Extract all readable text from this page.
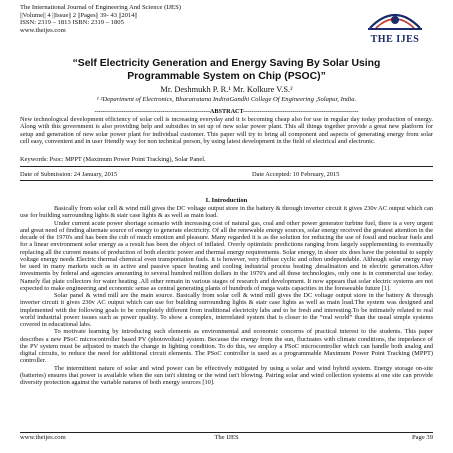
The International Journal of Engineering And Science (IJES)
||Volume|| 4 ||Issue|| 2 ||Pages|| 39- 43 ||2014||
ISSN: 2319 – 1813 ISBN: 2319 – 1805
www.theijes.com
THE IJES
“Self Electricity Generation and Energy Saving By Solar Using
Programmable System on Chip (PSOC)”
Mr. Deshmukh P. R.¹ Mr. Kolkure V.S.²
¹ ²Department of Electronics, Bharatratana IndiraGandhi College Of Engineering ,Solapur, India.
--------------------------------------------------------ABSTRACT--------------------------------------------------------
New technological development efficiency of solar cell is increasing everyday and it is becoming cheap also for use in regular day today production of energy. Along with this government is also providing help and subsidies in set up of new solar power plant. This all things together provide a great new platform for setup and generation of new solar power plant for individual customer. This paper will try to bring all component and aspects of generating energy from solar cell easy, convenient and in user friendly way for non technical person, by using latest development in the field of electrical and electronic.
Keywords: Psoc: MPPT (Maximum Power Point Tracking), Solar Panel.
Date of Submission: 24 January, 2015	Date Accepted: 10 February, 2015
I. Introduction

Basically from solar cell & wind mill gives the DC voltage output store in the battery & through inverter circuit it gives 230v AC output which can use for building surrounding lights & stair case lights & as well as main load.

Under current acute power shortage scenario with increasing cost of natural gas, coal and other power generator turbine fuel, there is a very urgent and great need of finding alternate source of energy to generate electricity. Of all the renewable energy sources, solar energy received the greatest attention in the decade of the 1970's and has been the cub of much emotion and pleasure. Many regarded it is as the solution for reducing the use of fossil and nuclear fuels and for a linear environment solar energy as a result has been the object of inflated. Overly optimistic predictions ranging from largely supplementing to eventually replacing all the current means of production of both electric power and thermal energy requirements. Solar energy, in sheer six does have the potential to supply voltage energy needs Electric thermal chemical even transportation fuels. it is however, very diffuse cyclic and often undependable. Although solar energy may be used in many markets such as in active and passive space heating and cooling industrial process heating ,desalination and in electric generation.After investments by federal and agencies amounting to several hundred million dollars in the 1970's and all these technologies, only one is in commercial use today. Namely flat plate collectors for water heating .All other remain in various stages of research and development. It now appears that solar electric systems are not expected to make engineering and economic sense as central generating plants of hundreds of mega watts capacities in the foreseeable future [1].

Solar panel & wind mill are the main source. Basically from solar cell & wind mill gives the DC voltage output store in the battery & through inverter circuit it gives 230v AC output which can use for building surrounding lights & stair case lights as well as main load.The system was designed and implemented with the following goals to be completely different from traditional electricity labs and to be fresh and interesting.To be intimately related to real world industrial power issues such as power quality. To show a complex, interrelated system that is closer to the “real world” than the usual simple systems covered in educational labs.

To motivate learning by introducing such elements as environmental and economic concerns of practical interest to the students. This paper describes a new PSoC microcontroller based PV (photovoltaic) system. Because the energy from the sun, fluctuates with climate conditions, the impedance of the PV system must be adjusted to match the change in lighting condition. To do this, we employ a PSoC microcontroller which can handle both analog and digital circuits, to reduce the need for additional circuit elements. The PSoC controller is used as a programmable Maximum Power Point Tracking (MPPT) controller.

The intermittent nature of solar and wind power can be effectively mitigated by using a solar and wind hybrid system. Energy storage on-site (batteries) ensures that power is available when the sun isn't shining or the wind isn't blowing. Pairing solar and wind collection systems at one site can provide diversity protection against the variable natures of both energy sources [10].

www.theijes.com	The IJES	Page 39
